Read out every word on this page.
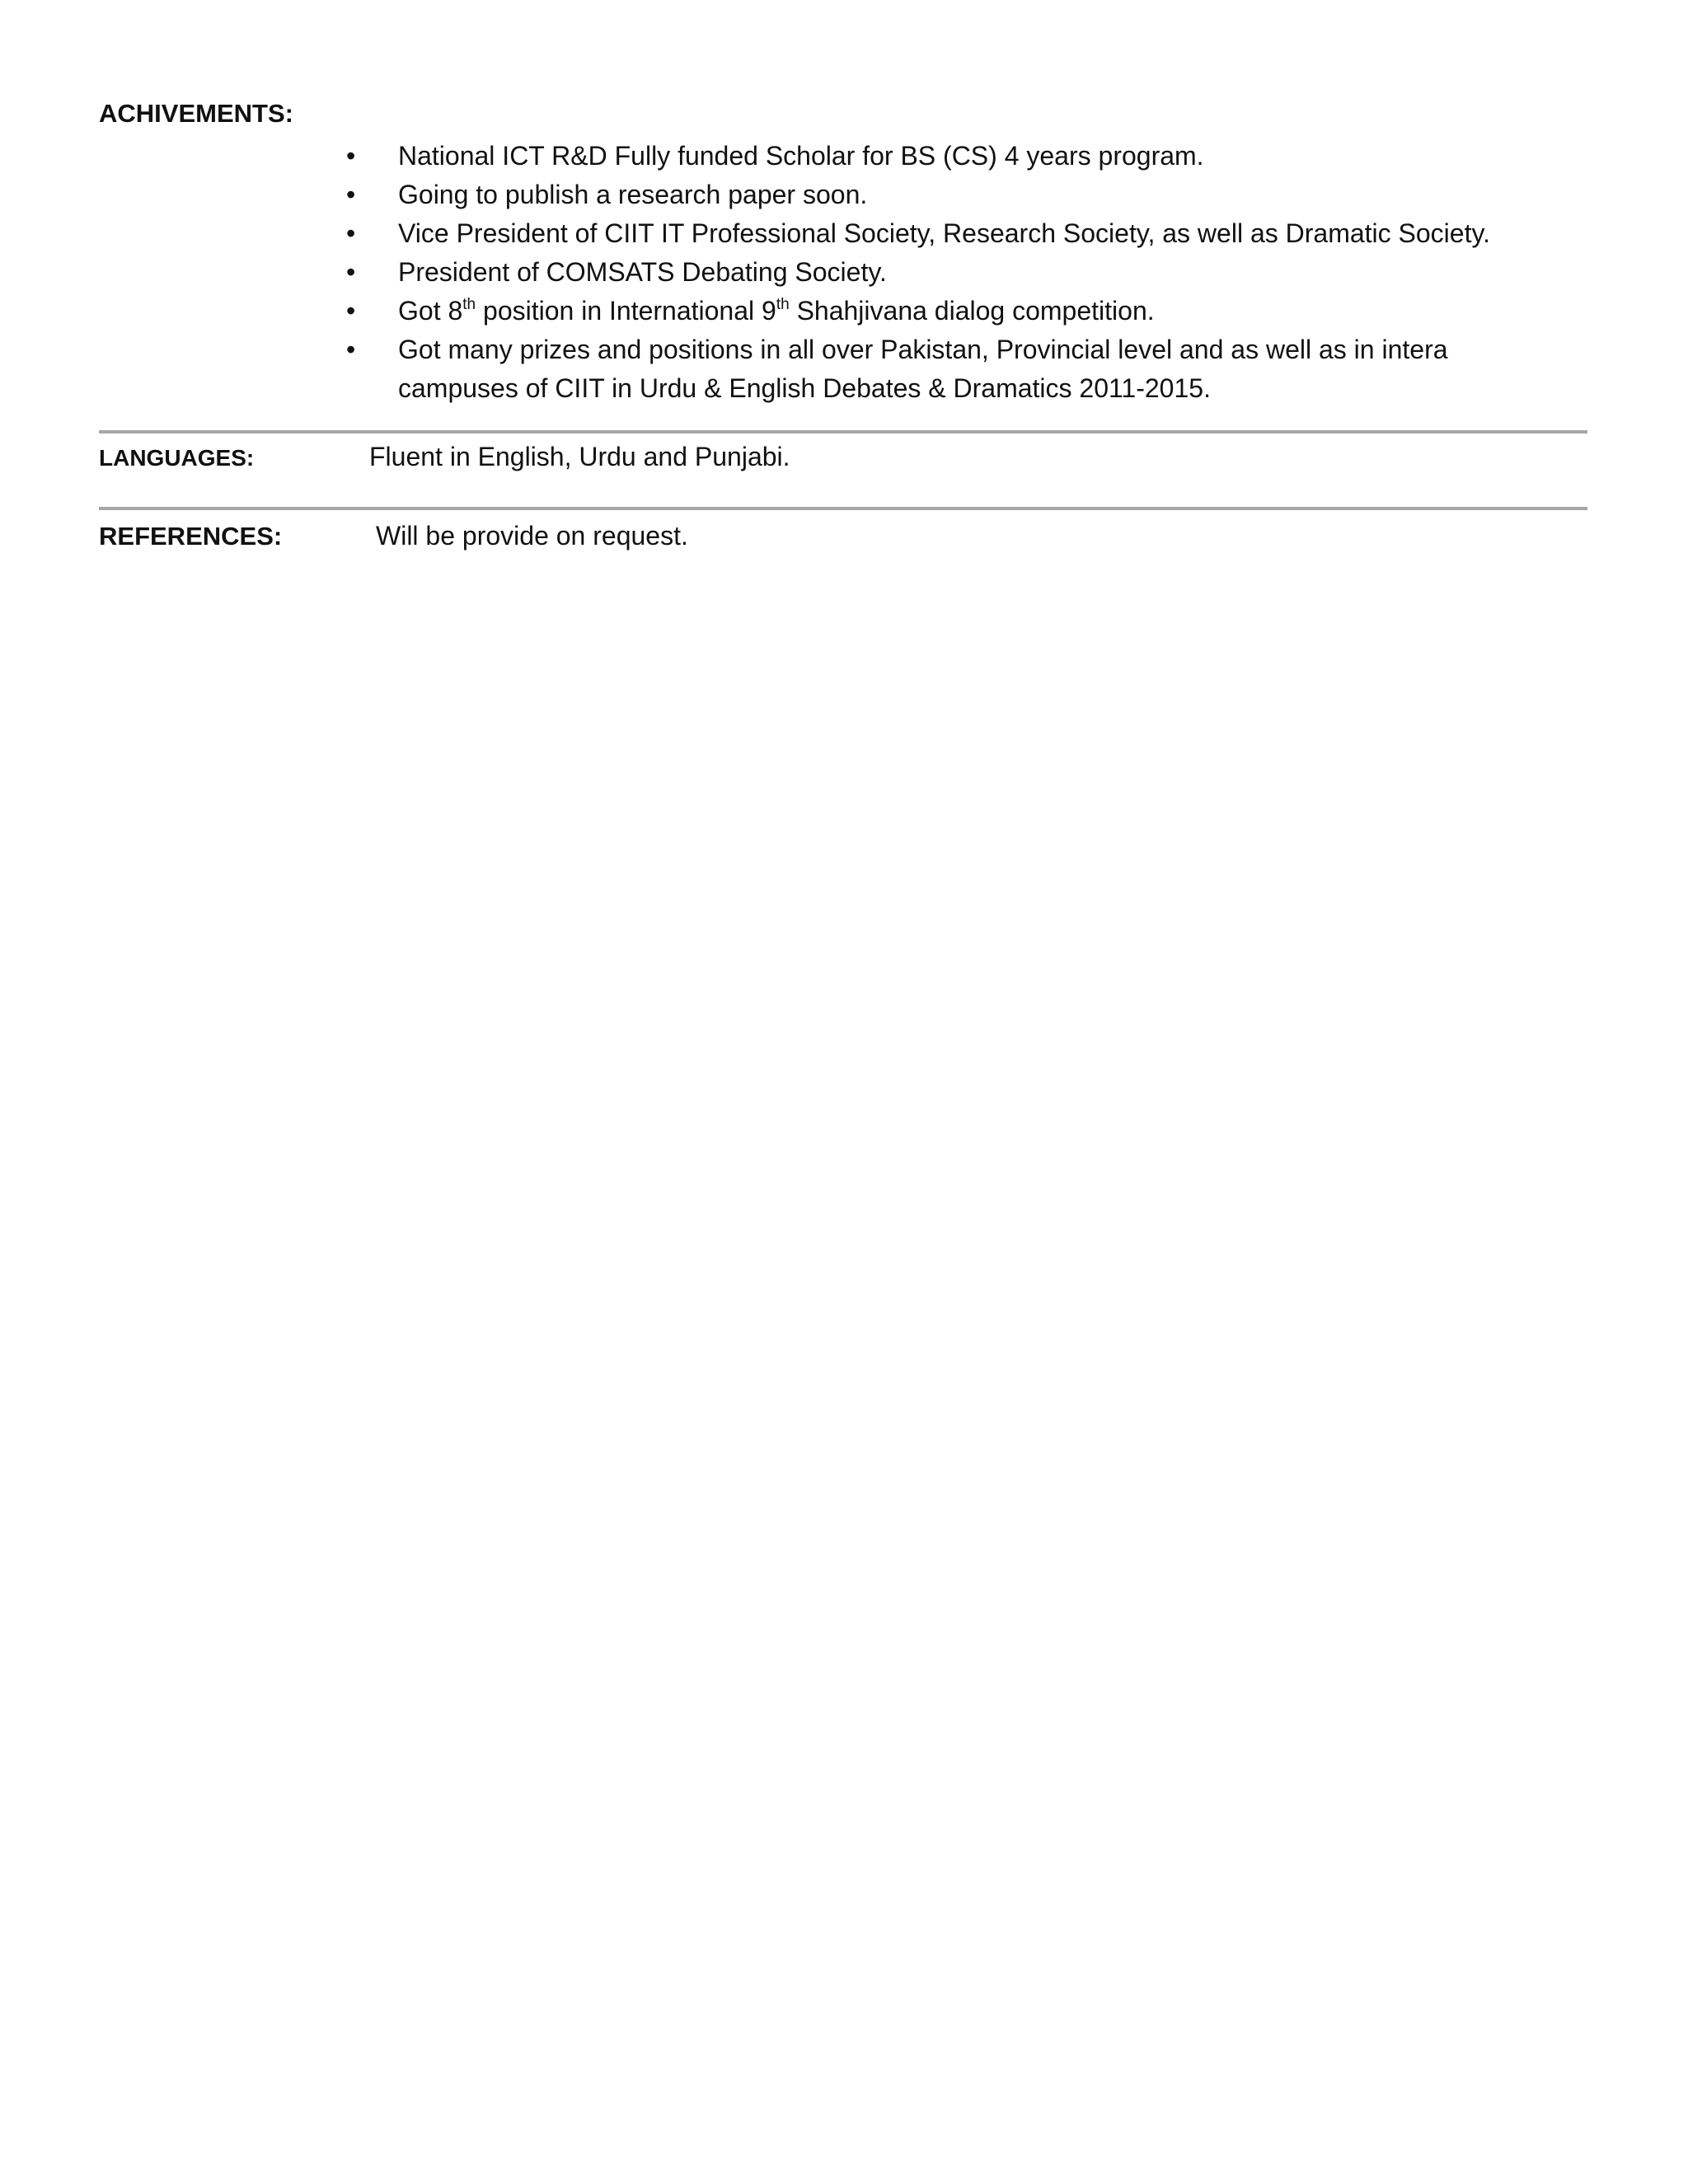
ACHIVEMENTS:
• National ICT R&D Fully funded Scholar for BS (CS) 4 years program.
• Going to publish a research paper soon.
• Vice President of CIIT IT Professional Society, Research Society, as well as Dramatic Society.
• President of COMSATS Debating Society.
• Got 8th position in International 9th Shahjivana dialog competition.
• Got many prizes and positions in all over Pakistan, Provincial level and as well as in intera
campuses of CIIT in Urdu & English Debates & Dramatics 2011-2015.
LANGUAGES:	Fluent in English, Urdu and Punjabi.
REFERENCES:	Will be provide on request.
